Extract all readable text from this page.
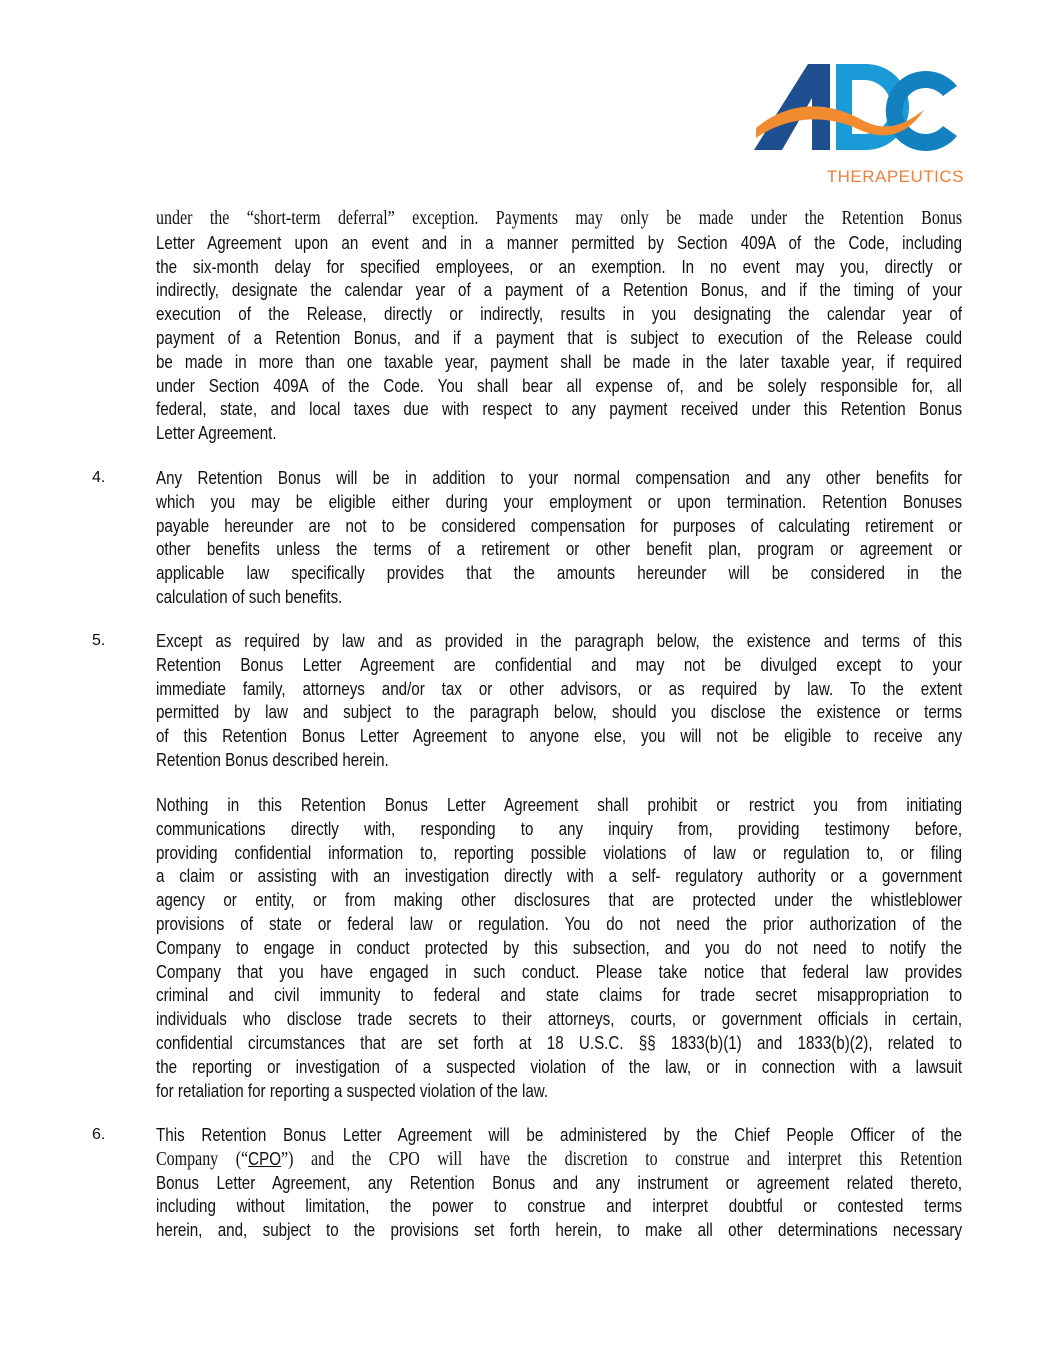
THERAPEUTICS
under the “short-term deferral” exception. Payments may only be made under the Retention Bonus
Letter Agreement upon an event and in a manner permitted by Section 409A of the Code, including
the six-month delay for specified employees, or an exemption. In no event may you, directly or
indirectly, designate the calendar year of a payment of a Retention Bonus, and if the timing of your
execution of the Release, directly or indirectly, results in you designating the calendar year of
payment of a Retention Bonus, and if a payment that is subject to execution of the Release could
be made in more than one taxable year, payment shall be made in the later taxable year, if required
under Section 409A of the Code. You shall bear all expense of, and be solely responsible for, all
federal, state, and local taxes due with respect to any payment received under this Retention Bonus
Letter Agreement.
4.	Any Retention Bonus will be in addition to your normal compensation and any other benefits for
which you may be eligible either during your employment or upon termination. Retention Bonuses
payable hereunder are not to be considered compensation for purposes of calculating retirement or
other benefits unless the terms of a retirement or other benefit plan, program or agreement or
applicable law specifically provides that the amounts hereunder will be considered in the
calculation of such benefits.
5.	Except as required by law and as provided in the paragraph below, the existence and terms of this
Retention Bonus Letter Agreement are confidential and may not be divulged except to your
immediate family, attorneys and/or tax or other advisors, or as required by law. To the extent
permitted by law and subject to the paragraph below, should you disclose the existence or terms
of this Retention Bonus Letter Agreement to anyone else, you will not be eligible to receive any
Retention Bonus described herein.
Nothing in this Retention Bonus Letter Agreement shall prohibit or restrict you from initiating
communications directly with, responding to any inquiry from, providing testimony before,
providing confidential information to, reporting possible violations of law or regulation to, or filing
a claim or assisting with an investigation directly with a self- regulatory authority or a government
agency or entity, or from making other disclosures that are protected under the whistleblower
provisions of state or federal law or regulation. You do not need the prior authorization of the
Company to engage in conduct protected by this subsection, and you do not need to notify the
Company that you have engaged in such conduct. Please take notice that federal law provides
criminal and civil immunity to federal and state claims for trade secret misappropriation to
individuals who disclose trade secrets to their attorneys, courts, or government officials in certain,
confidential circumstances that are set forth at 18 U.S.C. §§ 1833(b)(1) and 1833(b)(2), related to
the reporting or investigation of a suspected violation of the law, or in connection with a lawsuit
for retaliation for reporting a suspected violation of the law.
6.	This Retention Bonus Letter Agreement will be administered by the Chief People Officer of the
Company (“CPO”) and the CPO will have the discretion to construe and interpret this Retention
Bonus Letter Agreement, any Retention Bonus and any instrument or agreement related thereto,
including without limitation, the power to construe and interpret doubtful or contested terms
herein, and, subject to the provisions set forth herein, to make all other determinations necessary
